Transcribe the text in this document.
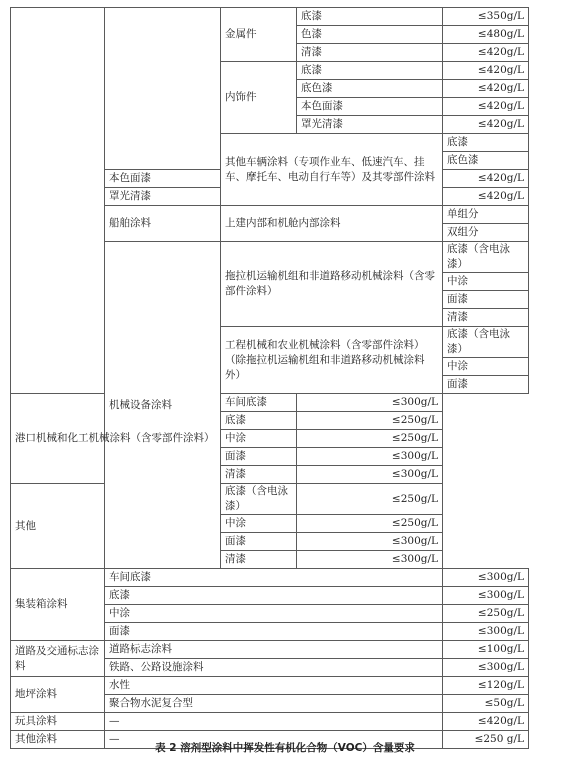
		金属件	底漆	≤350g/L	
			色漆	≤480g/L	
			清漆	≤420g/L	
		内饰件	底漆	≤420g/L	
			底色漆	≤420g/L	
			本色面漆	≤420g/L	
			罩光清漆	≤420g/L	
		其他车辆涂料（专项作业车、低速汽车、挂车、摩托车、电动自行车等）及其零部件涂料		底漆	
				底色漆	
	本色面漆			≤420g/L	
	罩光清漆			≤420g/L	
	船舶涂料	上建内部和机舱内部涂料		单组分	
				双组分	
	机械设备涂料	拖拉机运输机组和非道路移动机械涂料（含零部件涂料）		底漆（含电泳漆）	
				中涂	
				面漆	
				清漆	
		工程机械和农业机械涂料（含零部件涂料）（除拖拉机运输机组和非道路移动机械涂料外）		底漆（含电泳漆）	
				中涂	
				面漆	
港口机械和化工机械涂料（含零部件涂料）		车间底漆	≤300g/L		
		底漆	≤250g/L		
		中涂	≤250g/L		
		面漆	≤300g/L		
		清漆	≤300g/L		
其他		底漆（含电泳漆）	≤250g/L		
		中涂	≤250g/L		
		面漆	≤300g/L		
		清漆	≤300g/L		
集装箱涂料	车间底漆			≤300g/L	
	底漆			≤300g/L	
	中涂			≤250g/L	
	面漆			≤300g/L	
道路及交通标志涂料	道路标志涂料			≤100g/L	
	铁路、公路设施涂料			≤300g/L	
地坪涂料	水性			≤120g/L	
	聚合物水泥复合型			≤50g/L	
玩具涂料	—			≤420g/L	
其他涂料	—			≤250 g/L	
表 2 溶剂型涂料中挥发性有机化合物（VOC）含量要求
